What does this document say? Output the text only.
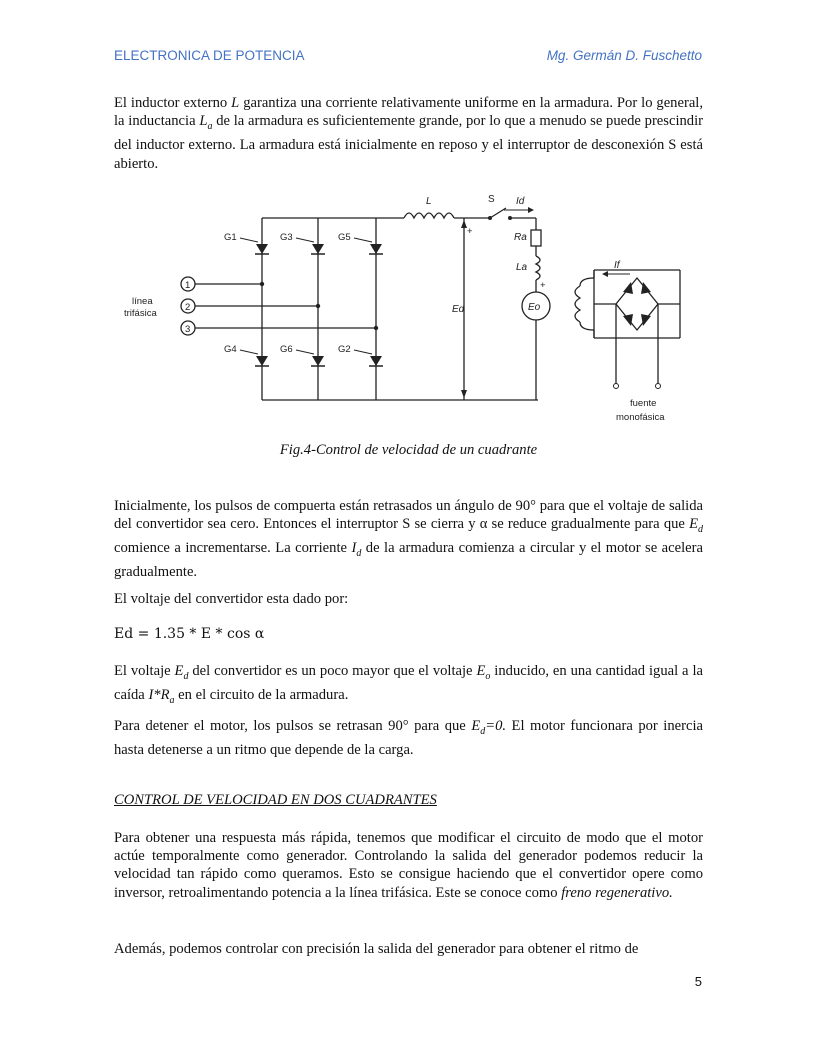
ELECTRONICA DE POTENCIA	Mg. Germán D. Fuschetto

El inductor externo L garantiza una corriente relativamente uniforme en la armadura. Por lo general, la inductancia $L_a$ de la armadura es suficientemente grande, por lo que a menudo se puede prescindir del inductor externo. La armadura está inicialmente en reposo y el interruptor de desconexión S está abierto.

1
2
3
línea
trifásica
G1	G3	G5
G4	G6	G2
+
+
fuente
monofásica
L	S Id
Ra
La
Ed	Eo
If
Fig.4-Control de velocidad de un cuadrante

Inicialmente, los pulsos de compuerta están retrasados un ángulo de 90° para que el voltaje de salida del convertidor sea cero. Entonces el interruptor S se cierra y α se reduce gradualmente para que $E_d$ comience a incrementarse. La corriente $I_d$ de la armadura comienza a circular y el motor se acelera gradualmente.

El voltaje del convertidor esta dado por:

Ed = 1.35 * E * cos α

El voltaje $E_d$ del convertidor es un poco mayor que el voltaje $E_o$ inducido, en una cantidad igual a la caída $I*R_a$ en el circuito de la armadura.

Para detener el motor, los pulsos se retrasan 90° para que $E_d=0$. El motor funcionara por inercia hasta detenerse a un ritmo que depende de la carga.

CONTROL DE VELOCIDAD EN DOS CUADRANTES

Para obtener una respuesta más rápida, tenemos que modificar el circuito de modo que el motor actúe temporalmente como generador. Controlando la salida del generador podemos reducir la velocidad tan rápido como queramos. Esto se consigue haciendo que el convertidor opere como inversor, retroalimentando potencia a la línea trifásica. Este se conoce como freno regenerativo.

Además, podemos controlar con precisión la salida del generador para obtener el ritmo de

5
